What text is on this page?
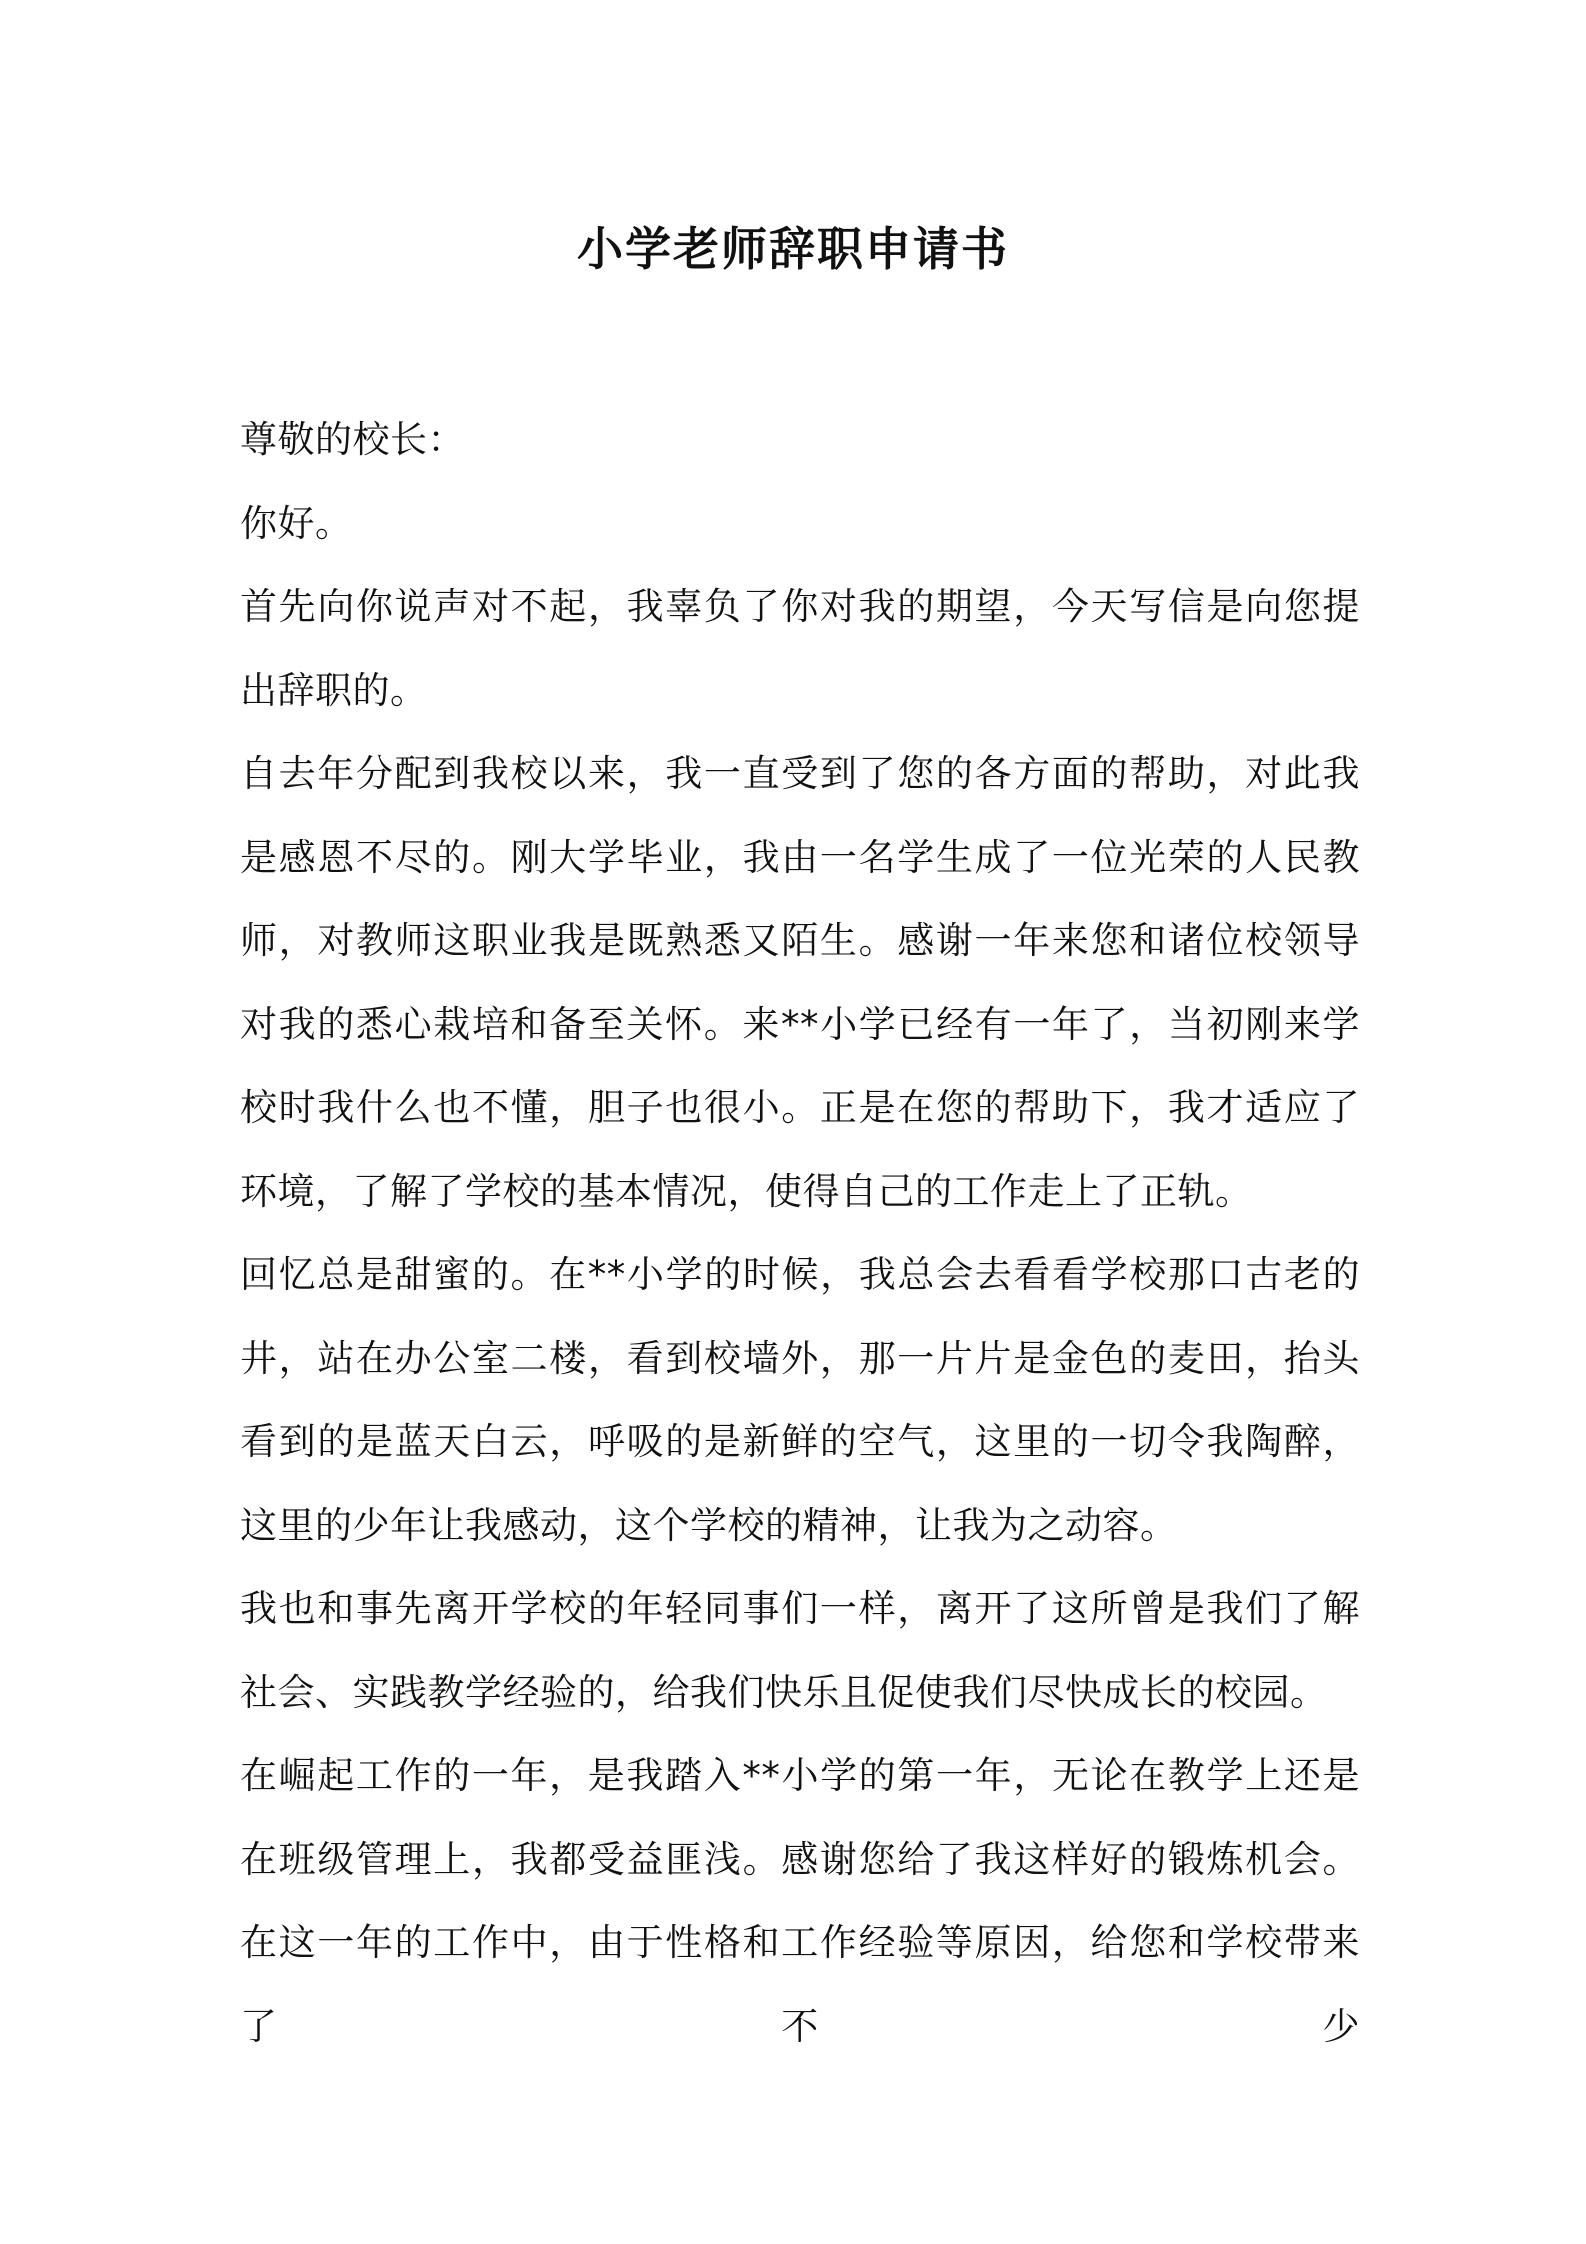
小学老师辞职申请书

尊敬的校长：

你好。

首先向你说声对不起，我辜负了你对我的期望，今天写信是向您提出辞职的。

自去年分配到我校以来，我一直受到了您的各方面的帮助，对此我是感恩不尽的。刚大学毕业，我由一名学生成了一位光荣的人民教师，对教师这职业我是既熟悉又陌生。感谢一年来您和诸位校领导对我的悉心栽培和备至关怀。来**小学已经有一年了，当初刚来学校时我什么也不懂，胆子也很小。正是在您的帮助下，我才适应了环境，了解了学校的基本情况，使得自己的工作走上了正轨。

回忆总是甜蜜的。在**小学的时候，我总会去看看学校那口古老的井，站在办公室二楼，看到校墙外，那一片片是金色的麦田，抬头看到的是蓝天白云，呼吸的是新鲜的空气，这里的一切令我陶醉，这里的少年让我感动，这个学校的精神，让我为之动容。

我也和事先离开学校的年轻同事们一样，离开了这所曾是我们了解社会、实践教学经验的，给我们快乐且促使我们尽快成长的校园。

在崛起工作的一年，是我踏入**小学的第一年，无论在教学上还是在班级管理上，我都受益匪浅。感谢您给了我这样好的锻炼机会。在这一年的工作中，由于性格和工作经验等原因，给您和学校带来了不少
